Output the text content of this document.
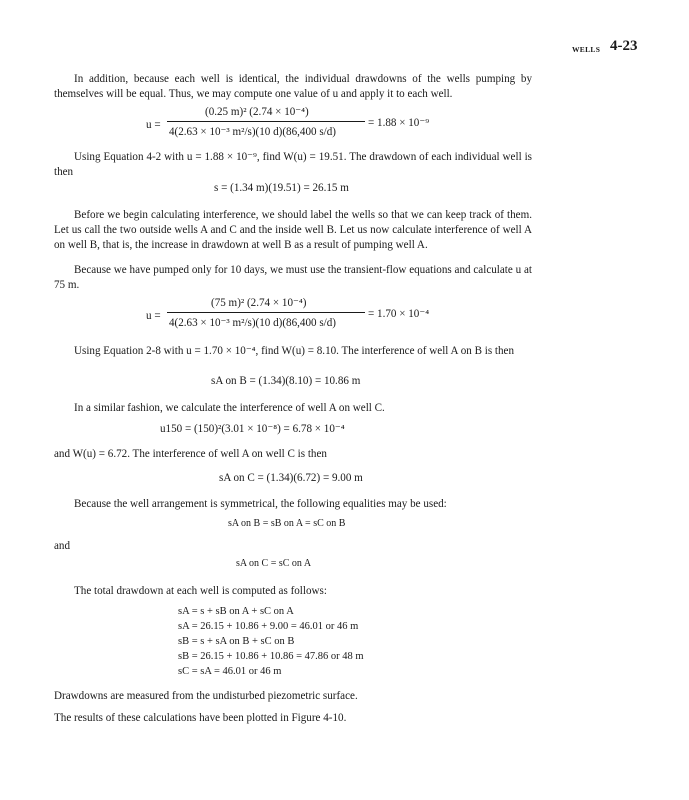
WELLS 4-23
In addition, because each well is identical, the individual drawdowns of the wells pumping by themselves will be equal. Thus, we may compute one value of u and apply it to each well.
u =
(0.25 m)² (2.74 × 10⁻⁴)
4(2.63 × 10⁻³ m²/s)(10 d)(86,400 s/d)
= 1.88 × 10⁻⁹
Using Equation 4-2 with u = 1.88 × 10⁻⁹, find W(u) = 19.51. The drawdown of each individual well is then
s = (1.34 m)(19.51) = 26.15 m
Before we begin calculating interference, we should label the wells so that we can keep track of them. Let us call the two outside wells A and C and the inside well B. Let us now calculate interference of well A on well B, that is, the increase in drawdown at well B as a result of pumping well A.
Because we have pumped only for 10 days, we must use the transient-flow equations and calculate u at 75 m.
u =
(75 m)² (2.74 × 10⁻⁴)
4(2.63 × 10⁻³ m²/s)(10 d)(86,400 s/d)
= 1.70 × 10⁻⁴
Using Equation 2-8 with u = 1.70 × 10⁻⁴, find W(u) = 8.10. The interference of well A on B is then
sA on B = (1.34)(8.10) = 10.86 m
In a similar fashion, we calculate the interference of well A on well C.
u150 = (150)²(3.01 × 10⁻⁸) = 6.78 × 10⁻⁴
and W(u) = 6.72. The interference of well A on well C is then
sA on C = (1.34)(6.72) = 9.00 m
Because the well arrangement is symmetrical, the following equalities may be used:
sA on B = sB on A = sC on B
and
sA on C = sC on A
The total drawdown at each well is computed as follows:
sA = s + sB on A + sC on A
sA = 26.15 + 10.86 + 9.00 = 46.01 or 46 m
sB = s + sA on B + sC on B
sB = 26.15 + 10.86 + 10.86 = 47.86 or 48 m
sC = sA = 46.01 or 46 m
Drawdowns are measured from the undisturbed piezometric surface.
The results of these calculations have been plotted in Figure 4-10.
